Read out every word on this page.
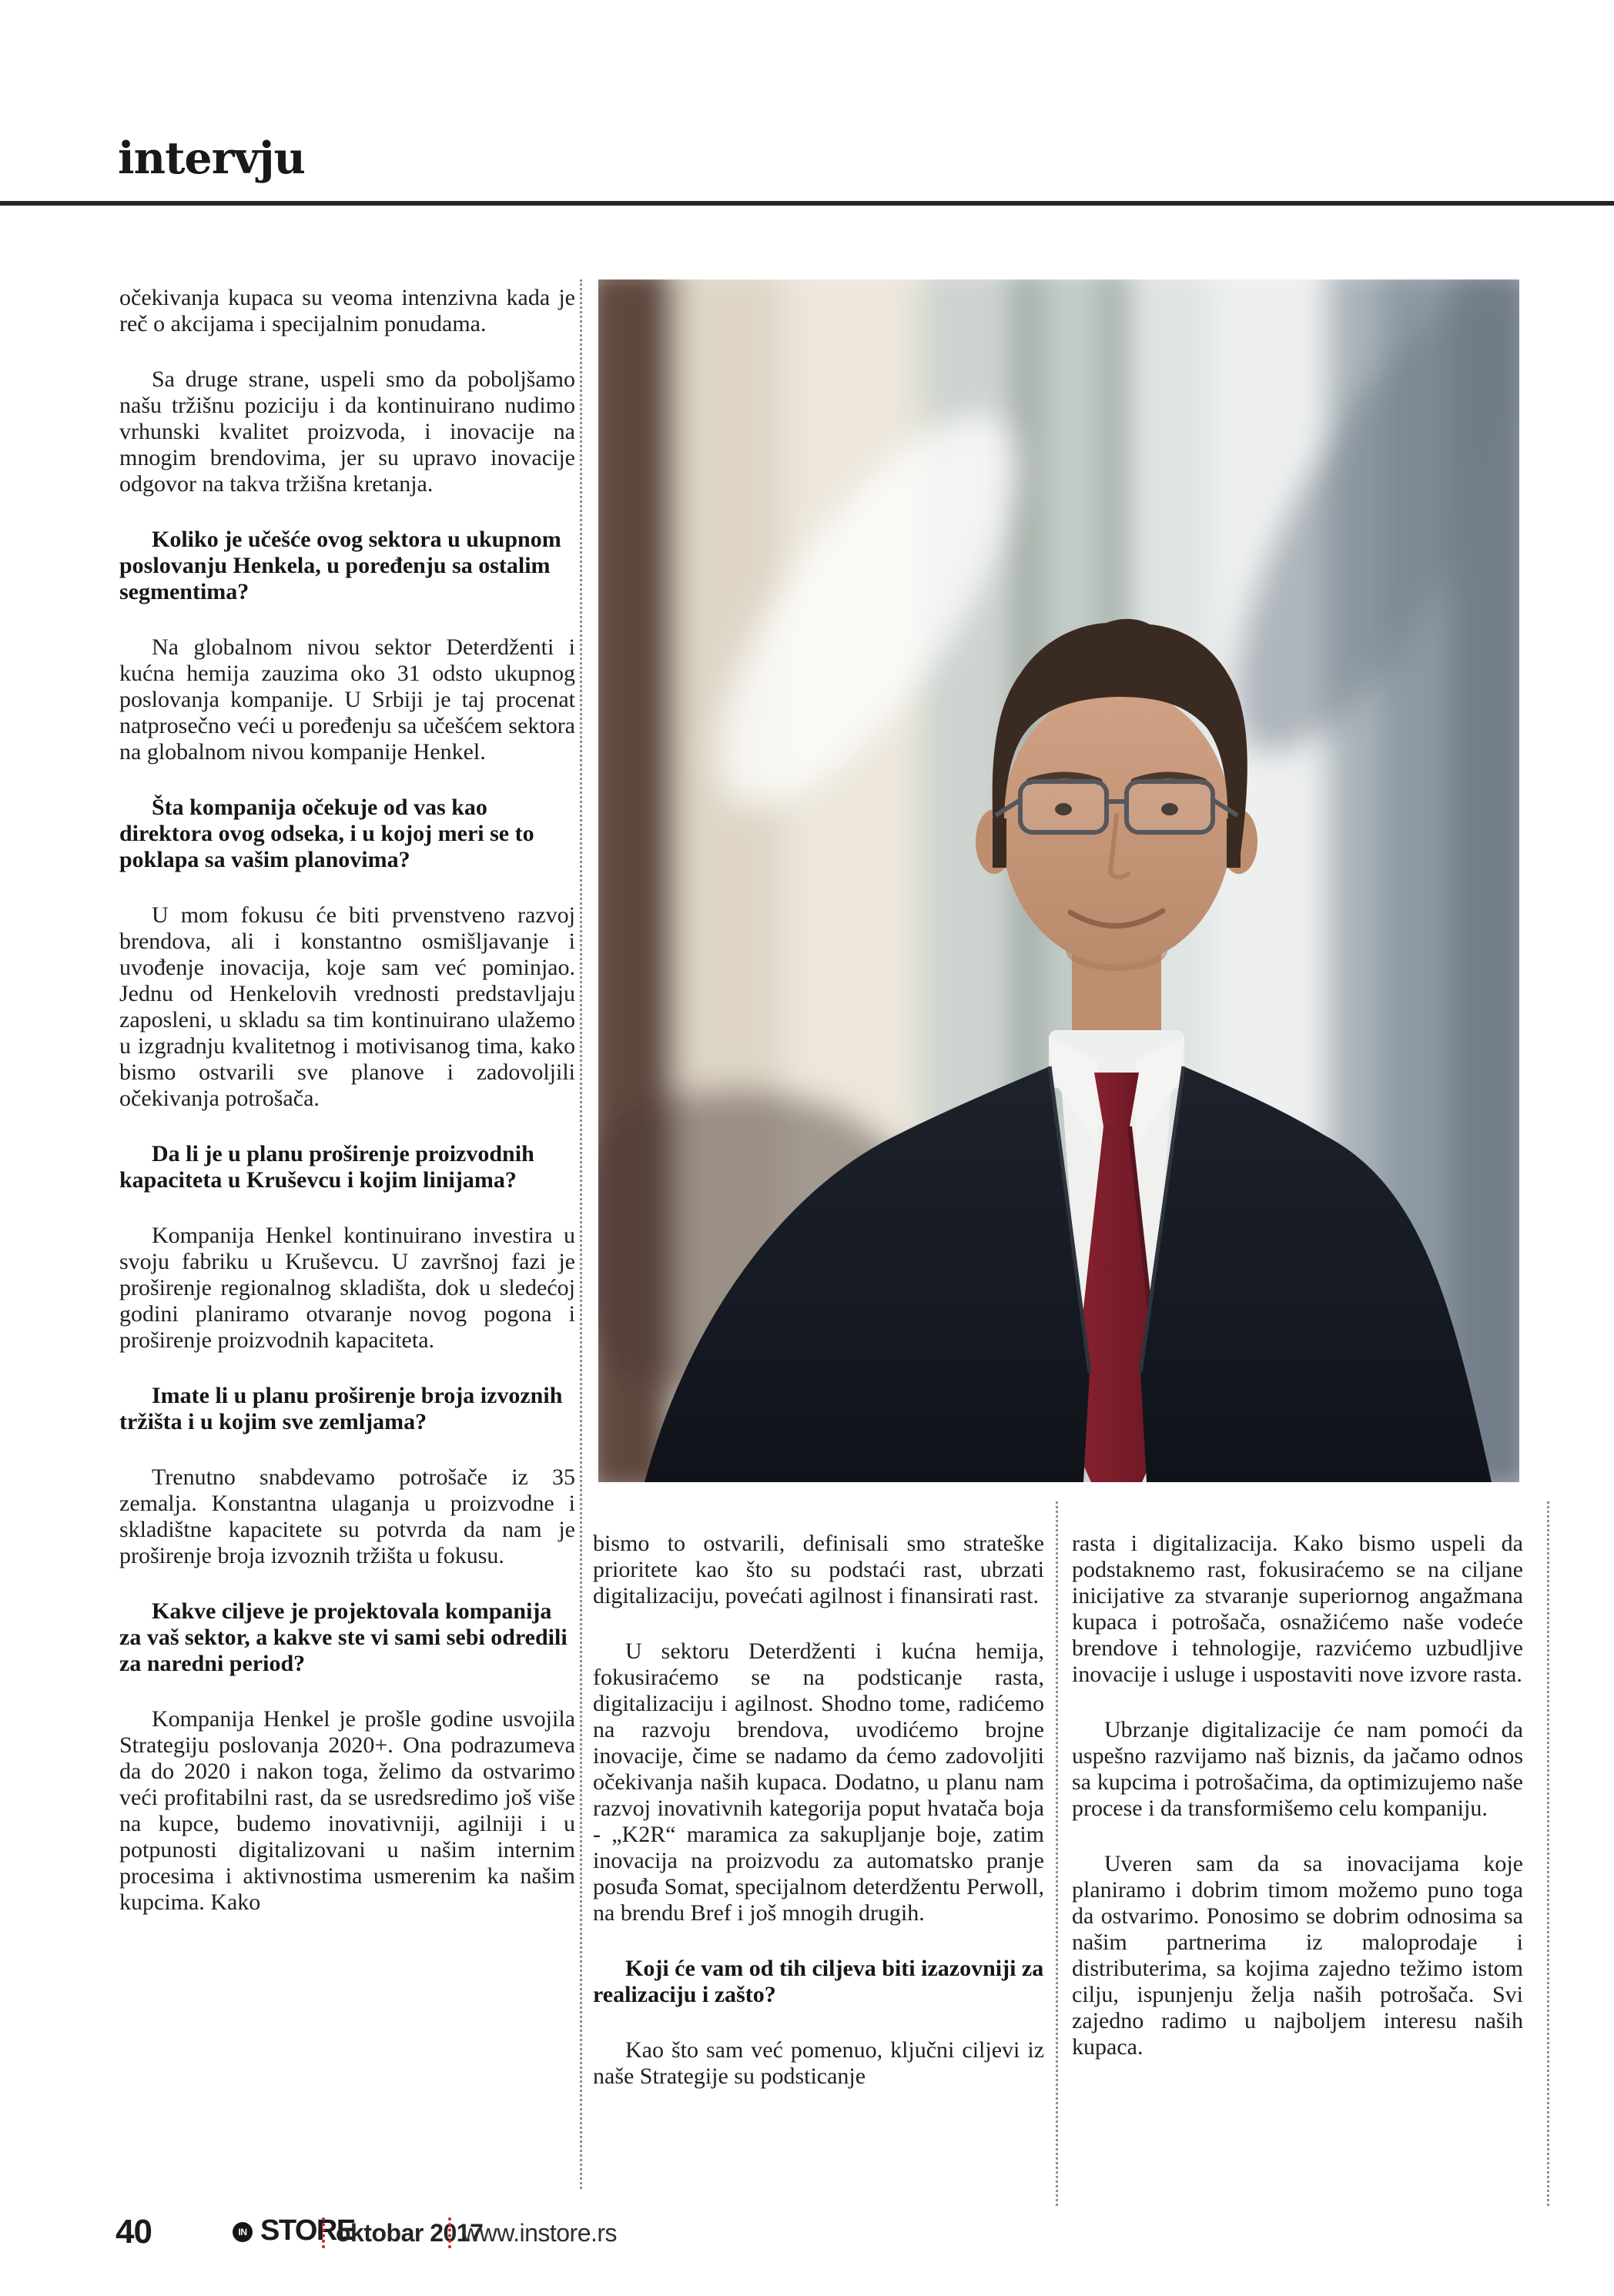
intervju

očekivanja kupaca su veoma intenzivna kada je reč o akcijama i specijalnim ponudama.

Sa druge strane, uspeli smo da poboljšamo našu tržišnu poziciju i da kontinuirano nudimo vrhunski kvalitet proizvoda, i inovacije na mnogim brendovima, jer su upravo inovacije odgovor na takva tržišna kretanja.

Koliko je učešće ovog sektora u ukupnom poslovanju Henkela, u poređenju sa ostalim segmentima?

Na globalnom nivou sektor Deterdženti i kućna hemija zauzima oko 31 odsto ukupnog poslovanja kompanije. U Srbiji je taj procenat natprosečno veći u poređenju sa učešćem sektora na globalnom nivou kompanije Henkel.

Šta kompanija očekuje od vas kao direktora ovog odseka, i u kojoj meri se to poklapa sa vašim planovima?

U mom fokusu će biti prvenstveno razvoj brendova, ali i konstantno osmišljavanje i uvođenje inovacija, koje sam već pominjao. Jednu od Henkelovih vrednosti predstavljaju zaposleni, u skladu sa tim kontinuirano ulažemo u izgradnju kvalitetnog i motivisanog tima, kako bismo ostvarili sve planove i zadovoljili očekivanja potrošača.

Da li je u planu proširenje proizvodnih kapaciteta u Kruševcu i kojim linijama?

Kompanija Henkel kontinuirano investira u svoju fabriku u Kruševcu. U završnoj fazi je proširenje regionalnog skladišta, dok u sledećoj godini planiramo otvaranje novog pogona i proširenje proizvodnih kapaciteta.

Imate li u planu proširenje broja izvoznih tržišta i u kojim sve zemljama?

Trenutno snabdevamo potrošače iz 35 zemalja. Konstantna ulaganja u proizvodne i skladištne kapacitete su potvrda da nam je proširenje broja izvoznih tržišta u fokusu.

Kakve ciljeve je projektovala kompanija za vaš sektor, a kakve ste vi sami sebi odredili za naredni period?

Kompanija Henkel je prošle godine usvojila Strategiju poslovanja 2020+. Ona podrazumeva da do 2020 i nakon toga, želimo da ostvarimo veći profitabilni rast, da se usredsredimo još više na kupce, budemo inovativniji, agilniji i u potpunosti digitalizovani u našim internim procesima i aktivnostima usmerenim ka našim kupcima. Kako

bismo to ostvarili, definisali smo strateške prioritete kao što su podstaći rast, ubrzati digitalizaciju, povećati agilnost i finansirati rast.

U sektoru Deterdženti i kućna hemija, fokusiraćemo se na podsticanje rasta, digitalizaciju i agilnost. Shodno tome, radićemo na razvoju brendova, uvodićemo brojne inovacije, čime se nadamo da ćemo zadovoljiti očekivanja naših kupaca. Dodatno, u planu nam razvoj inovativnih kategorija poput hvatača boja - „K2R“ maramica za sakupljanje boje, zatim inovacija na proizvodu za automatsko pranje posuđa Somat, specijalnom deterdžentu Perwoll, na brendu Bref i još mnogih drugih.

Koji će vam od tih ciljeva biti izazovniji za realizaciju i zašto?

Kao što sam već pomenuo, ključni ciljevi iz naše Strategije su podsticanje

rasta i digitalizacija. Kako bismo uspeli da podstaknemo rast, fokusiraćemo se na ciljane inicijative za stvaranje superiornog angažmana kupaca i potrošača, osnažićemo naše vodeće brendove i tehnologije, razvićemo uzbudljive inovacije i usluge i uspostaviti nove izvore rasta.

Ubrzanje digitalizacije će nam pomoći da uspešno razvijamo naš biznis, da jačamo odnos sa kupcima i potrošačima, da optimizujemo naše procese i da transformišemo celu kompaniju.

Uveren sam da sa inovacijama koje planiramo i dobrim timom možemo puno toga da ostvarimo. Ponosimo se dobrim odnosima sa našim partnerima iz maloprodaje i distributerima, sa kojima zajedno težimo istom cilju, ispunjenju želja naših potrošača. Svi zajedno radimo u najboljem interesu naših kupaca.

40	IN STORE
oktobar 2017
www.instore.rs
